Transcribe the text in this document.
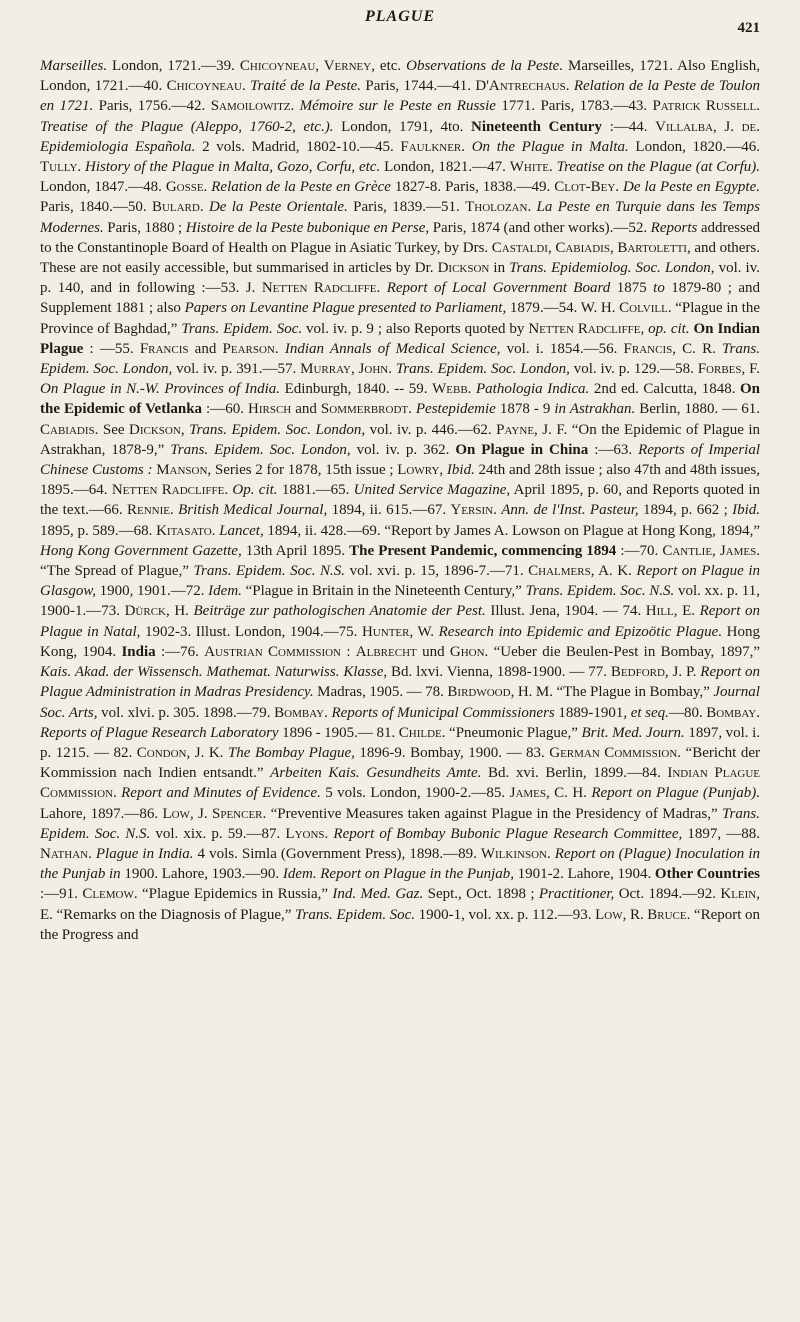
PLAGUE
421

Marseilles. London, 1721.—39. Chicoyneau, Verney, etc. Observations de la Peste. Marseilles, 1721. Also English, London, 1721.—40. Chicoyneau. Traité de la Peste. Paris, 1744.—41. D'Antrechaus. Relation de la Peste de Toulon en 1721. Paris, 1756.—42. Samoilowitz. Mémoire sur le Peste en Russie 1771. Paris, 1783.—43. Patrick Russell. Treatise of the Plague (Aleppo, 1760-2, etc.). London, 1791, 4to. Nineteenth Century :—44. Villalba, J. de. Epidemiologia Española. 2 vols. Madrid, 1802-10.—45. Faulkner. On the Plague in Malta. London, 1820.—46. Tully. History of the Plague in Malta, Gozo, Corfu, etc. London, 1821.—47. White. Treatise on the Plague (at Corfu). London, 1847.—48. Gosse. Relation de la Peste en Grèce 1827-8. Paris, 1838.—49. Clot-Bey. De la Peste en Egypte. Paris, 1840.—50. Bulard. De la Peste Orientale. Paris, 1839.—51. Tholozan. La Peste en Turquie dans les Temps Modernes. Paris, 1880 ; Histoire de la Peste bubonique en Perse, Paris, 1874 (and other works).—52. Reports addressed to the Constantinople Board of Health on Plague in Asiatic Turkey, by Drs. Castaldi, Cabiadis, Bartoletti, and others. These are not easily accessible, but summarised in articles by Dr. Dickson in Trans. Epidemiolog. Soc. London, vol. iv. p. 140, and in following :—53. J. Netten Radcliffe. Report of Local Government Board 1875 to 1879-80 ; and Supplement 1881 ; also Papers on Levantine Plague presented to Parliament, 1879.—54. W. H. Colvill. “Plague in the Province of Baghdad,” Trans. Epidem. Soc. vol. iv. p. 9 ; also Reports quoted by Netten Radcliffe, op. cit. On Indian Plague : —55. Francis and Pearson. Indian Annals of Medical Science, vol. i. 1854.—56. Francis, C. R. Trans. Epidem. Soc. London, vol. iv. p. 391.—57. Murray, John. Trans. Epidem. Soc. London, vol. iv. p. 129.—58. Forbes, F. On Plague in N.-W. Provinces of India. Edinburgh, 1840. -- 59. Webb. Pathologia Indica. 2nd ed. Calcutta, 1848. On the Epidemic of Vetlanka :—60. Hirsch and Sommerbrodt. Pestepidemie 1878 - 9 in Astrakhan. Berlin, 1880. — 61. Cabiadis. See Dickson, Trans. Epidem. Soc. London, vol. iv. p. 446.—62. Payne, J. F. “On the Epidemic of Plague in Astrakhan, 1878-9,” Trans. Epidem. Soc. London, vol. iv. p. 362. On Plague in China :—63. Reports of Imperial Chinese Customs : Manson, Series 2 for 1878, 15th issue ; Lowry, Ibid. 24th and 28th issue ; also 47th and 48th issues, 1895.—64. Netten Radcliffe. Op. cit. 1881.—65. United Service Magazine, April 1895, p. 60, and Reports quoted in the text.—66. Rennie. British Medical Journal, 1894, ii. 615.—67. Yersin. Ann. de l'Inst. Pasteur, 1894, p. 662 ; Ibid. 1895, p. 589.—68. Kitasato. Lancet, 1894, ii. 428.—69. “Report by James A. Lowson on Plague at Hong Kong, 1894,” Hong Kong Government Gazette, 13th April 1895. The Present Pandemic, commencing 1894 :—70. Cantlie, James. “The Spread of Plague,” Trans. Epidem. Soc. N.S. vol. xvi. p. 15, 1896-7.—71. Chalmers, A. K. Report on Plague in Glasgow, 1900, 1901.—72. Idem. “Plague in Britain in the Nineteenth Century,” Trans. Epidem. Soc. N.S. vol. xx. p. 11, 1900-1.—73. Dürck, H. Beiträge zur pathologischen Anatomie der Pest. Illust. Jena, 1904. — 74. Hill, E. Report on Plague in Natal, 1902-3. Illust. London, 1904.—75. Hunter, W. Research into Epidemic and Epizoötic Plague. Hong Kong, 1904. India :—76. Austrian Commission : Albrecht und Ghon. “Ueber die Beulen-Pest in Bombay, 1897,” Kais. Akad. der Wissensch. Mathemat. Naturwiss. Klasse, Bd. lxvi. Vienna, 1898-1900. — 77. Bedford, J. P. Report on Plague Administration in Madras Presidency. Madras, 1905. — 78. Birdwood, H. M. “The Plague in Bombay,” Journal Soc. Arts, vol. xlvi. p. 305. 1898.—79. Bombay. Reports of Municipal Commissioners 1889-1901, et seq.—80. Bombay. Reports of Plague Research Laboratory 1896 - 1905.— 81. Childe. “Pneumonic Plague,” Brit. Med. Journ. 1897, vol. i. p. 1215. — 82. Condon, J. K. The Bombay Plague, 1896-9. Bombay, 1900. — 83. German Commission. “Bericht der Kommission nach Indien entsandt.” Arbeiten Kais. Gesundheits Amte. Bd. xvi. Berlin, 1899.—84. Indian Plague Commission. Report and Minutes of Evidence. 5 vols. London, 1900-2.—85. James, C. H. Report on Plague (Punjab). Lahore, 1897.—86. Low, J. Spencer. “Preventive Measures taken against Plague in the Presidency of Madras,” Trans. Epidem. Soc. N.S. vol. xix. p. 59.—87. Lyons. Report of Bombay Bubonic Plague Research Committee, 1897, —88. Nathan. Plague in India. 4 vols. Simla (Government Press), 1898.—89. Wilkinson. Report on (Plague) Inoculation in the Punjab in 1900. Lahore, 1903.—90. Idem. Report on Plague in the Punjab, 1901-2. Lahore, 1904. Other Countries :—91. Clemow. “Plague Epidemics in Russia,” Ind. Med. Gaz. Sept., Oct. 1898 ; Practitioner, Oct. 1894.—92. Klein, E. “Remarks on the Diagnosis of Plague,” Trans. Epidem. Soc. 1900-1, vol. xx. p. 112.—93. Low, R. Bruce. “Report on the Progress and
